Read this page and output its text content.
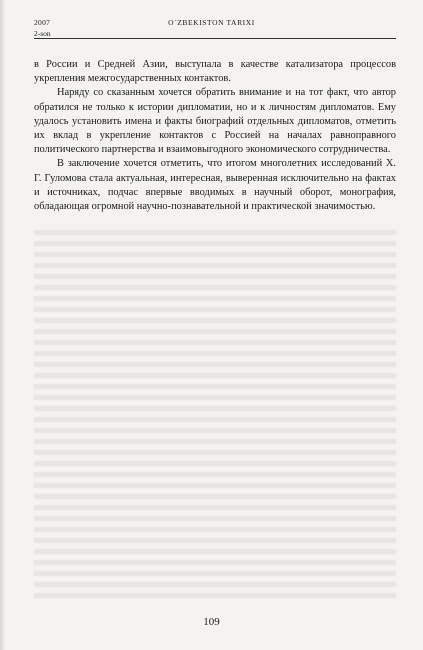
2007
2-son
O`ZBEKISTON TARIXI

в России и Средней Азии, выступала в качестве катализатора процессов укрепления межгосударственных контактов.

Наряду со сказанным хочется обратить внимание и на тот факт, что автор обратился не только к истории дипломатии, но и к личностям дипломатов. Ему удалось установить имена и факты биографий отдельных дипломатов, отметить их вклад в укрепление контактов с Россией на началах равноправного политического партнерства и взаимовыгодного экономического сотрудничества.

В заключение хочется отметить, что итогом многолетних исследований Х. Г. Гуломова стала актуальная, интересная, выверенная исключительно на фактах и источниках, подчас впервые вводимых в научный оборот, монография, обладающая огромной научно-познавательной и практической значимостью.

109
